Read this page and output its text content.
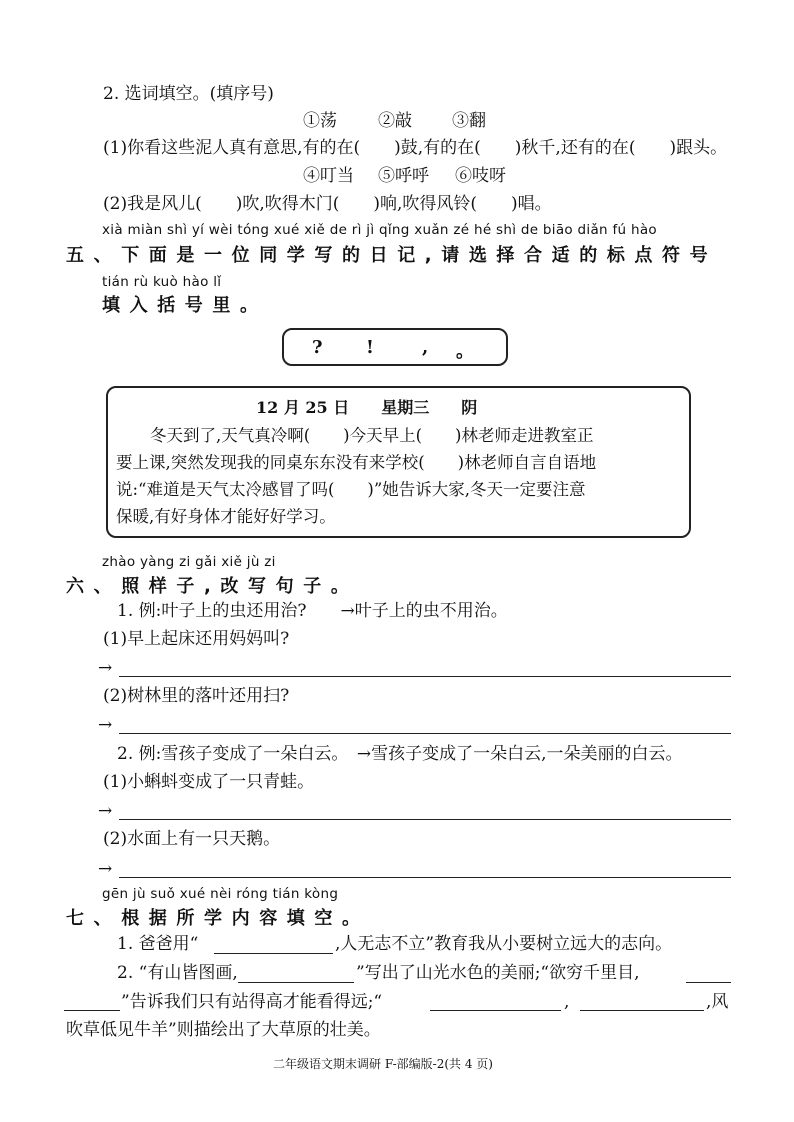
2. 选词填空。(填序号)
①荡 ②敲 ③翻
(1)你看这些泥人真有意思,有的在(　　)鼓,有的在(　　)秋千,还有的在(　　)跟头。
④叮当 ⑤呼呼 ⑥吱呀
(2)我是风儿(　　)吹,吹得木门(　　)响,吹得风铃(　　)唱。
xià miàn shì yí wèi tóng xué xiě de rì jì qǐng xuǎn zé hé shì de biāo diǎn fú hào
五、下面是一位同学写的日记,请选择合适的标点符号
tián rù kuò hào lǐ
填入括号里。
? !	, 。
12 月 25 日　　星期三　　阴
冬天到了,天气真冷啊(　　)今天早上(　　)林老师走进教室正
要上课,突然发现我的同桌东东没有来学校(　　)林老师自言自语地
说:“难道是天气太冷感冒了吗(　　)”她告诉大家,冬天一定要注意
保暖,有好身体才能好好学习。
zhào yàng zi gǎi xiě jù zi
六、照样子,改写句子。
1. 例:叶子上的虫还用治?　　→叶子上的虫不用治。
(1)早上起床还用妈妈叫?
→
(2)树林里的落叶还用扫?
→
2. 例:雪孩子变成了一朵白云。　→雪孩子变成了一朵白云,一朵美丽的白云。
(1)小蝌蚪变成了一只青蛙。
→
(2)水面上有一只天鹅。
→
gēn jù suǒ xué nèi róng tián kòng
七、根据所学内容填空。
1. 爸爸用“	,人无志不立”教育我从小要树立远大的志向。
2. “有山皆图画,	”写出了山光水色的美丽;“欲穷千里目,
”告诉我们只有站得高才能看得远;“	,	,风
吹草低见牛羊”则描绘出了大草原的壮美。
二年级语文期末调研 F-部编版-2(共 4 页)
